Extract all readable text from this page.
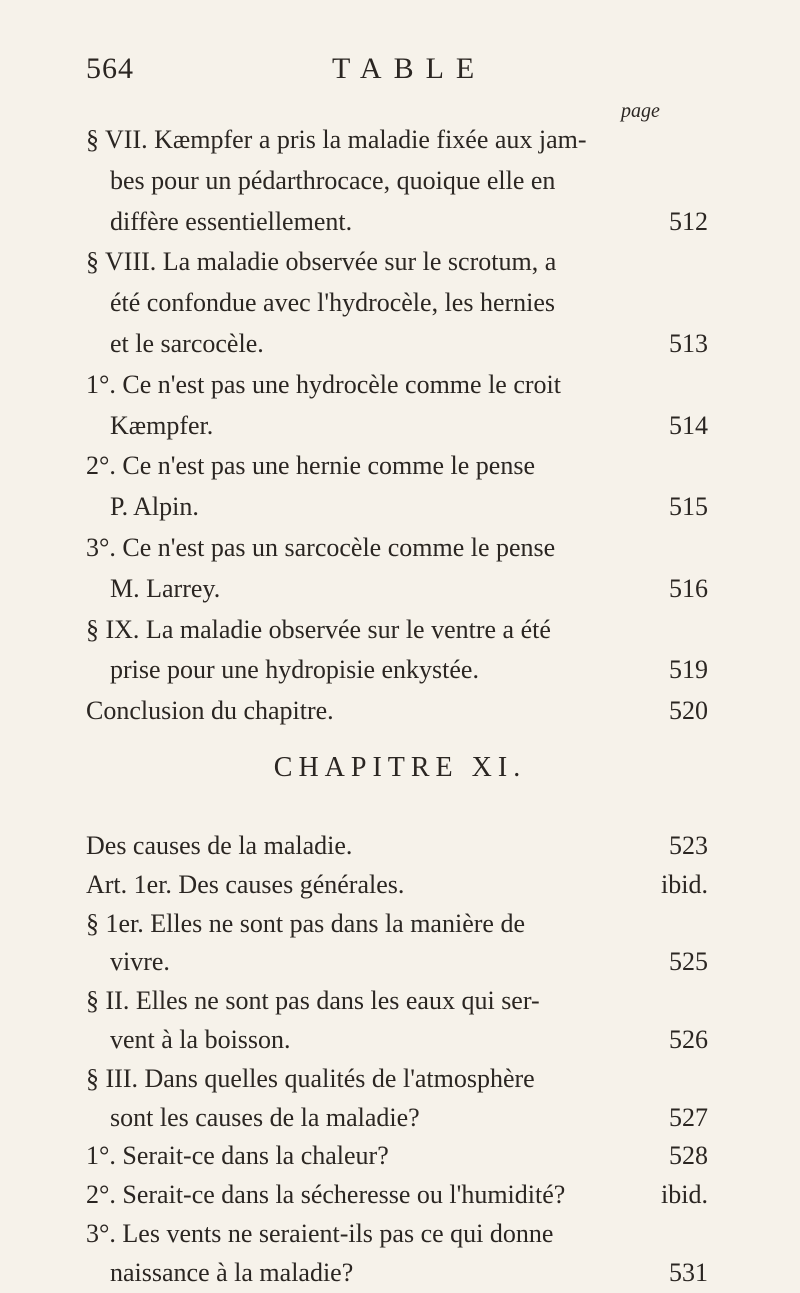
564	TABLE
page
§ VII. Kæmpfer a pris la maladie fixée aux jam-
bes pour un pédarthrocace, quoique elle en
diffère essentiellement.	512
§ VIII. La maladie observée sur le scrotum, a
été confondue avec l'hydrocèle, les hernies
et le sarcocèle.	513
1°. Ce n'est pas une hydrocèle comme le croit
Kæmpfer.	514
2°. Ce n'est pas une hernie comme le pense
P. Alpin.	515
3°. Ce n'est pas un sarcocèle comme le pense
M. Larrey.	516
§ IX. La maladie observée sur le ventre a été
prise pour une hydropisie enkystée.	519
Conclusion du chapitre.	520
CHAPITRE XI.
Des causes de la maladie.	523
Art. 1er. Des causes générales.	ibid.
§ 1er. Elles ne sont pas dans la manière de
vivre.	525
§ II. Elles ne sont pas dans les eaux qui ser-
vent à la boisson.	526
§ III. Dans quelles qualités de l'atmosphère
sont les causes de la maladie?	527
1°. Serait-ce dans la chaleur?	528
2°. Serait-ce dans la sécheresse ou l'humidité?	ibid.
3°. Les vents ne seraient-ils pas ce qui donne
naissance à la maladie?	531
